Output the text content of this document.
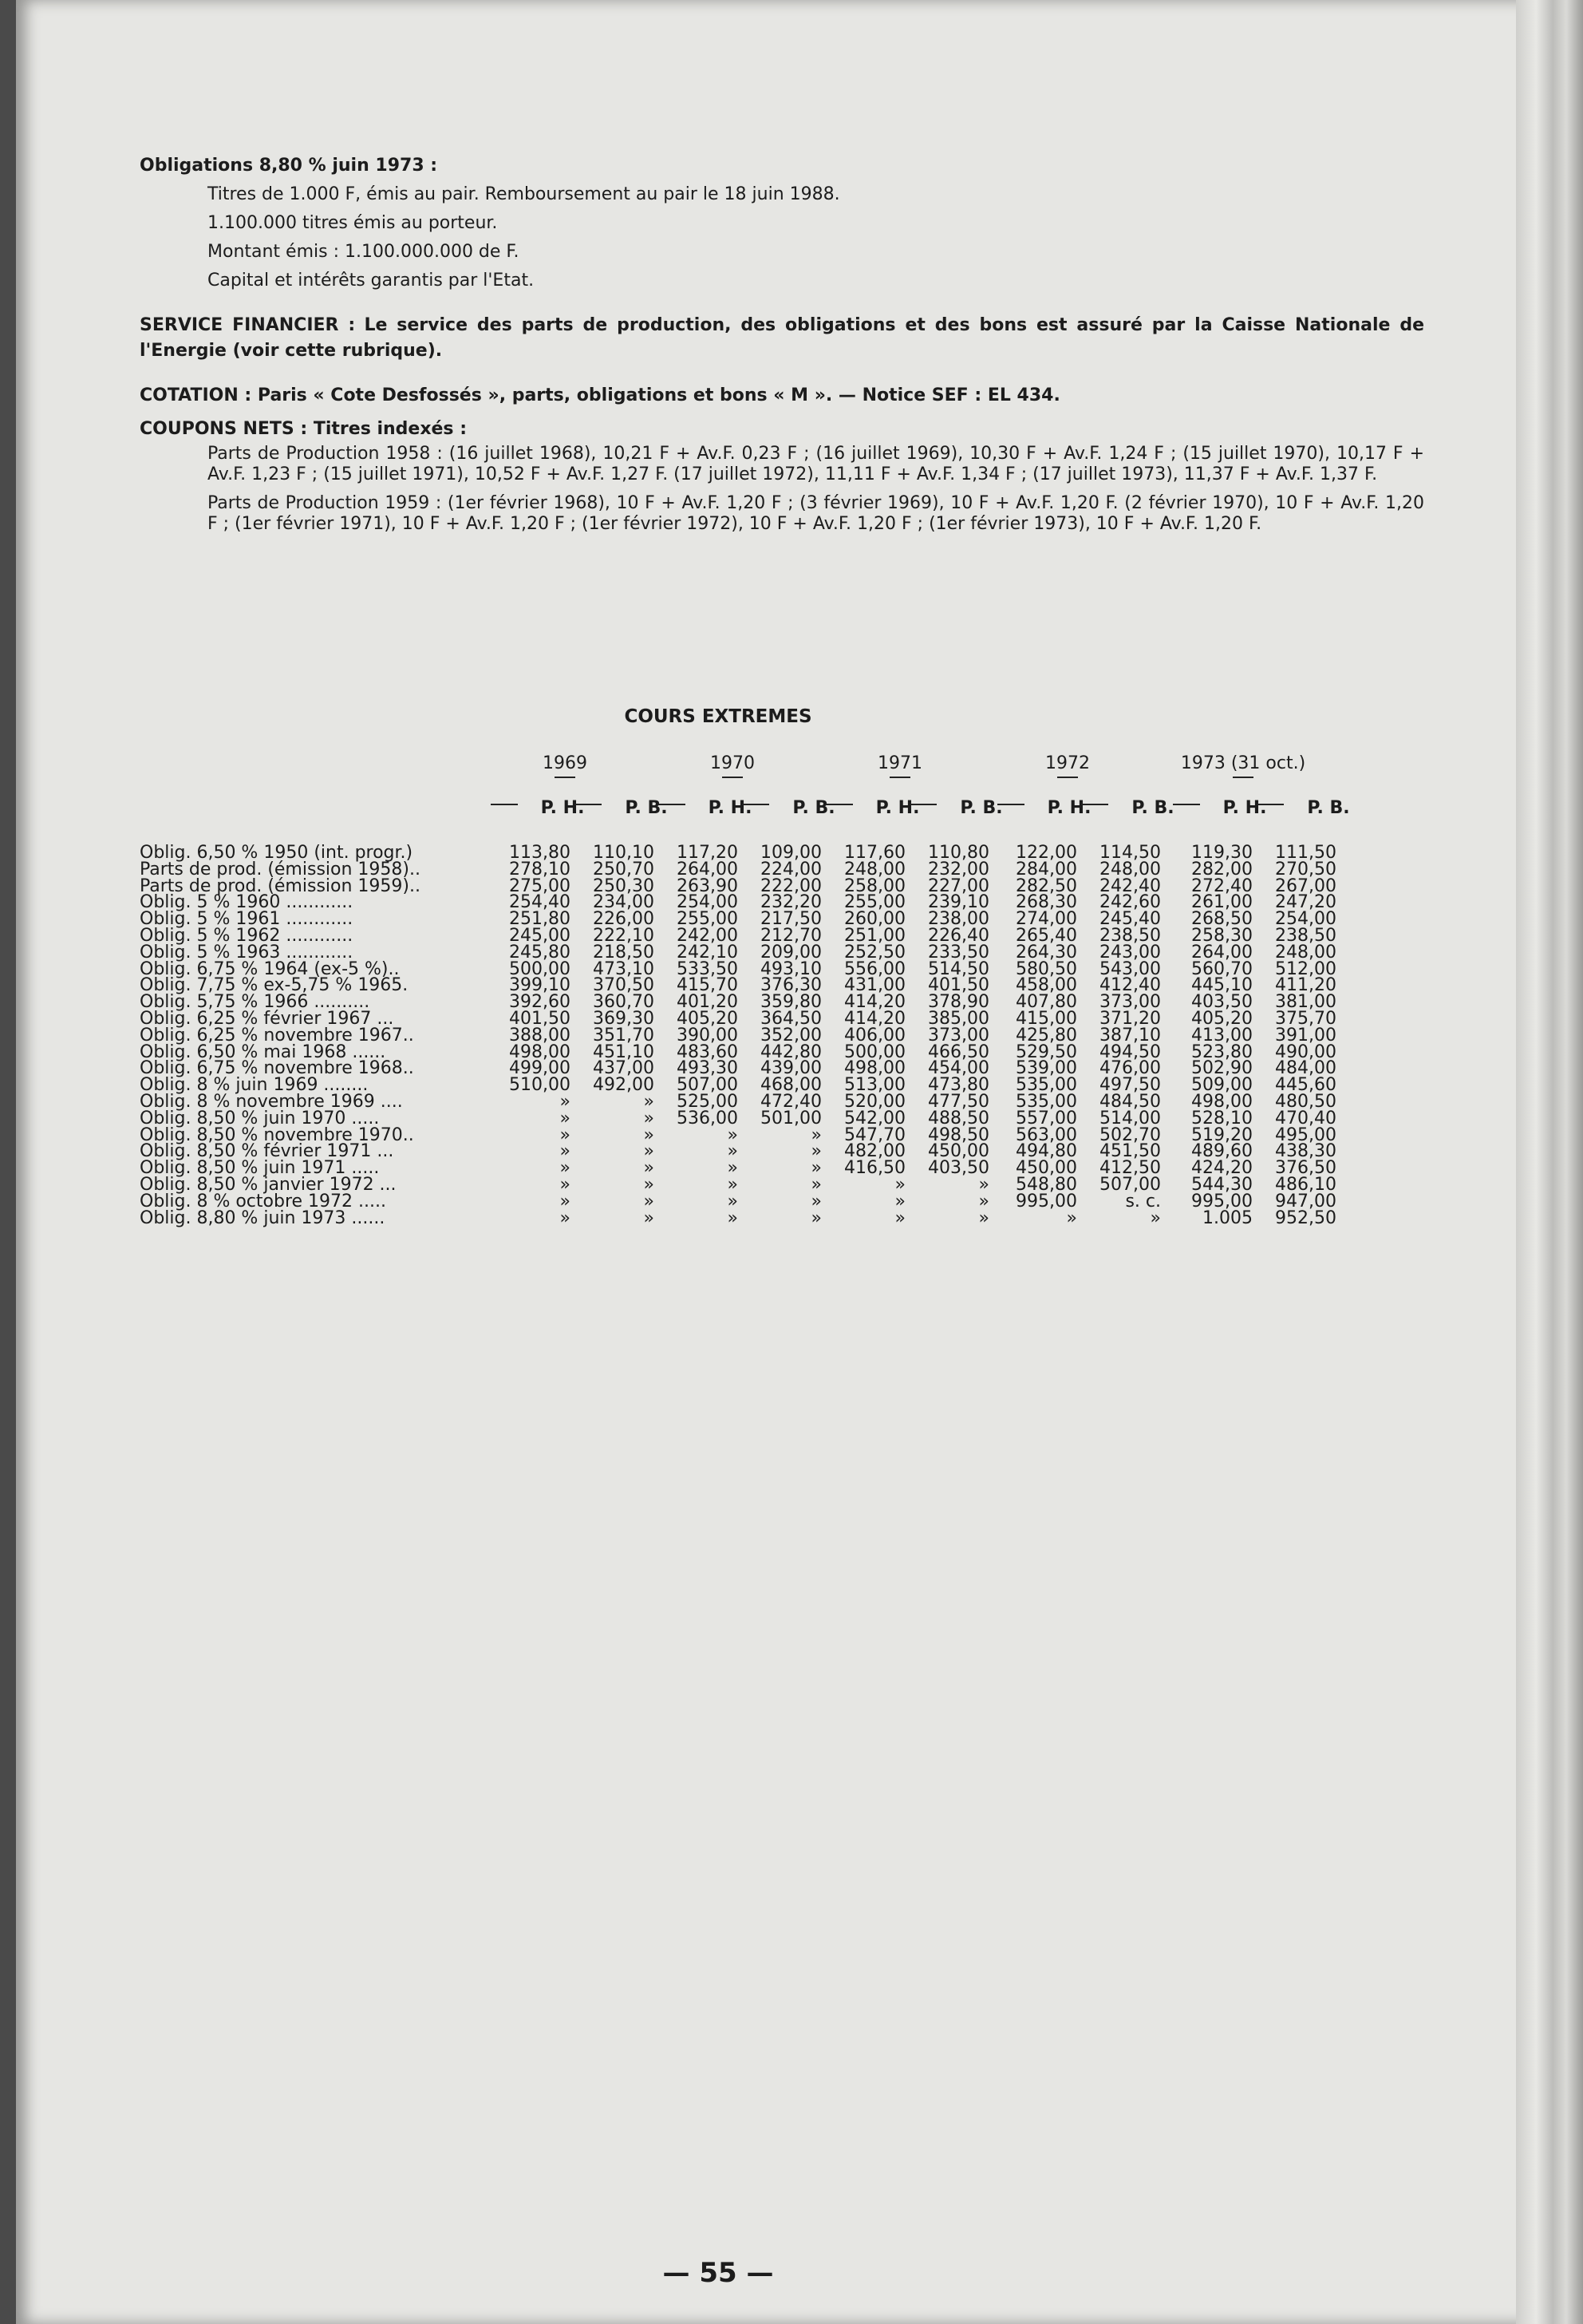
Obligations 8,80 % juin 1973 :

Titres de 1.000 F, émis au pair. Remboursement au pair le 18 juin 1988.

1.100.000 titres émis au porteur.

Montant émis : 1.100.000.000 de F.

Capital et intérêts garantis par l'Etat.

SERVICE FINANCIER : Le service des parts de production, des obligations et des bons est assuré par la Caisse Nationale de l'Energie (voir cette rubrique).

COTATION : Paris « Cote Desfossés », parts, obligations et bons « M ». — Notice SEF : EL 434.

COUPONS NETS : Titres indexés :

Parts de Production 1958 : (16 juillet 1968), 10,21 F + Av.F. 0,23 F ; (16 juillet 1969), 10,30 F + Av.F. 1,24 F ; (15 juillet 1970), 10,17 F + Av.F. 1,23 F ; (15 juillet 1971), 10,52 F + Av.F. 1,27 F. (17 juillet 1972), 11,11 F + Av.F. 1,34 F ; (17 juillet 1973), 11,37 F + Av.F. 1,37 F.

Parts de Production 1959 : (1er février 1968), 10 F + Av.F. 1,20 F ; (3 février 1969), 10 F + Av.F. 1,20 F. (2 février 1970), 10 F + Av.F. 1,20 F ; (1er février 1971), 10 F + Av.F. 1,20 F ; (1er février 1972), 10 F + Av.F. 1,20 F ; (1er février 1973), 10 F + Av.F. 1,20 F.

COURS EXTREMES
1969	1970	1971	1972	1973 (31 oct.)
P. H.	P. B.	P. H.	P. B.	P. H.	P. B.	P. H.	P. B.	P. H.	P. B.
Oblig. 6,50 % 1950 (int. progr.)	113,80	110,10	117,20	109,00	117,60	110,80	122,00	114,50	119,30	111,50
Parts de prod. (émission 1958)..	278,10	250,70	264,00	224,00	248,00	232,00	284,00	248,00	282,00	270,50
Parts de prod. (émission 1959)..	275,00	250,30	263,90	222,00	258,00	227,00	282,50	242,40	272,40	267,00
Oblig. 5 % 1960 ............	254,40	234,00	254,00	232,20	255,00	239,10	268,30	242,60	261,00	247,20
Oblig. 5 % 1961 ............	251,80	226,00	255,00	217,50	260,00	238,00	274,00	245,40	268,50	254,00
Oblig. 5 % 1962 ............	245,00	222,10	242,00	212,70	251,00	226,40	265,40	238,50	258,30	238,50
Oblig. 5 % 1963 ............	245,80	218,50	242,10	209,00	252,50	233,50	264,30	243,00	264,00	248,00
Oblig. 6,75 % 1964 (ex-5 %)..	500,00	473,10	533,50	493,10	556,00	514,50	580,50	543,00	560,70	512,00
Oblig. 7,75 % ex-5,75 % 1965.	399,10	370,50	415,70	376,30	431,00	401,50	458,00	412,40	445,10	411,20
Oblig. 5,75 % 1966 ..........	392,60	360,70	401,20	359,80	414,20	378,90	407,80	373,00	403,50	381,00
Oblig. 6,25 % février 1967 ...	401,50	369,30	405,20	364,50	414,20	385,00	415,00	371,20	405,20	375,70
Oblig. 6,25 % novembre 1967..	388,00	351,70	390,00	352,00	406,00	373,00	425,80	387,10	413,00	391,00
Oblig. 6,50 % mai 1968 ......	498,00	451,10	483,60	442,80	500,00	466,50	529,50	494,50	523,80	490,00
Oblig. 6,75 % novembre 1968..	499,00	437,00	493,30	439,00	498,00	454,00	539,00	476,00	502,90	484,00
Oblig. 8 % juin 1969 ........	510,00	492,00	507,00	468,00	513,00	473,80	535,00	497,50	509,00	445,60
Oblig. 8 % novembre 1969 ....	»	»	525,00	472,40	520,00	477,50	535,00	484,50	498,00	480,50
Oblig. 8,50 % juin 1970 .....	»	»	536,00	501,00	542,00	488,50	557,00	514,00	528,10	470,40
Oblig. 8,50 % novembre 1970..	»	»	»	»	547,70	498,50	563,00	502,70	519,20	495,00
Oblig. 8,50 % février 1971 ...	»	»	»	»	482,00	450,00	494,80	451,50	489,60	438,30
Oblig. 8,50 % juin 1971 .....	»	»	»	»	416,50	403,50	450,00	412,50	424,20	376,50
Oblig. 8,50 % janvier 1972 ...	»	»	»	»	»	»	548,80	507,00	544,30	486,10
Oblig. 8 % octobre 1972 .....	»	»	»	»	»	»	995,00	s. c.	995,00	947,00
Oblig. 8,80 % juin 1973 ......	»	»	»	»	»	»	»	»	1.005	952,50
— 55 —
